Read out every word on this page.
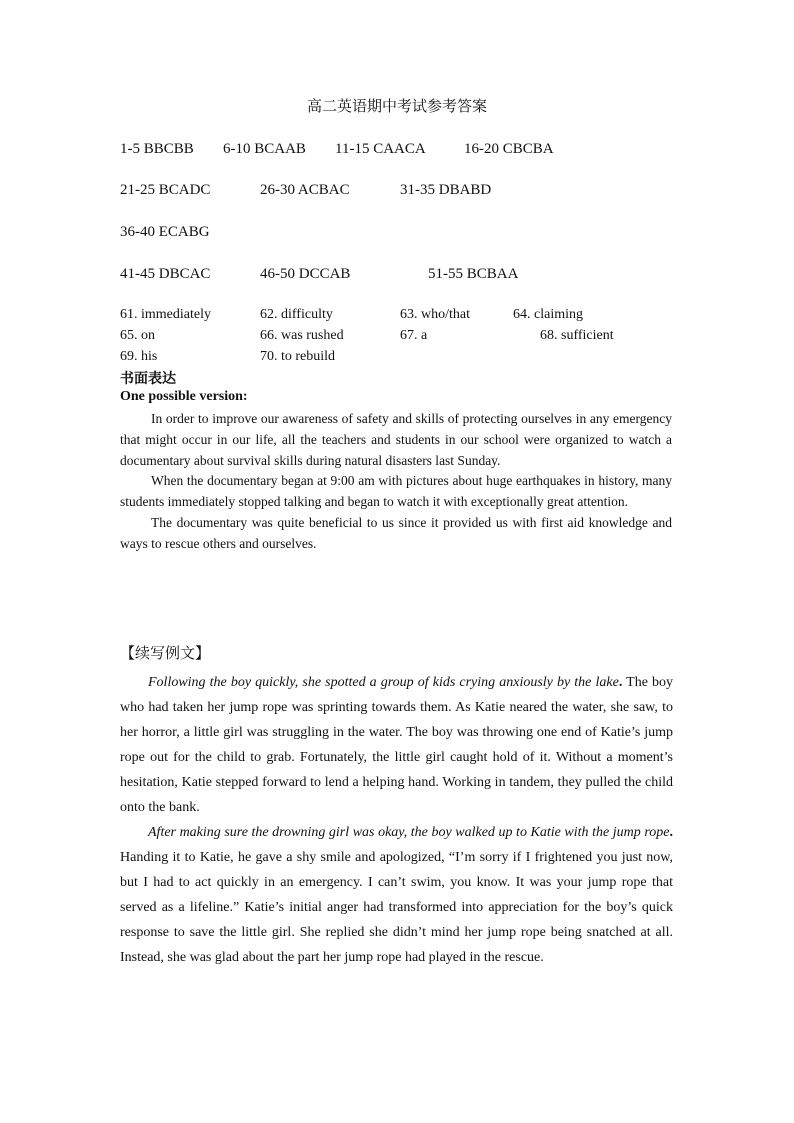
高二英语期中考试参考答案
1-5 BBCBB 6-10 BCAAB 11-15 CAACA	16-20 CBCBA
21-25 BCADC	26-30 ACBAC	31-35 DBABD
36-40 ECABG
41-45 DBCAC	46-50 DCCAB	51-55 BCBAA
61. immediately	62. difficulty	63. who/that	64. claiming
65. on	66. was rushed	67. a	68. sufficient
69. his	70. to rebuild
书面表达
One possible version:

In order to improve our awareness of safety and skills of protecting ourselves in any emergency that might occur in our life, all the teachers and students in our school were organized to watch a documentary about survival skills during natural disasters last Sunday.

When the documentary began at 9:00 am with pictures about huge earthquakes in history, many students immediately stopped talking and began to watch it with exceptionally great attention.

The documentary was quite beneficial to us since it provided us with first aid knowledge and ways to rescue others and ourselves.

【续写例文】

Following the boy quickly, she spotted a group of kids crying anxiously by the lake. The boy who had taken her jump rope was sprinting towards them. As Katie neared the water, she saw, to her horror, a little girl was struggling in the water. The boy was throwing one end of Katie’s jump rope out for the child to grab. Fortunately, the little girl caught hold of it. Without a moment’s hesitation, Katie stepped forward to lend a helping hand. Working in tandem, they pulled the child onto the bank.

After making sure the drowning girl was okay, the boy walked up to Katie with the jump rope. Handing it to Katie, he gave a shy smile and apologized, “I’m sorry if I frightened you just now, but I had to act quickly in an emergency. I can’t swim, you know. It was your jump rope that served as a lifeline.” Katie’s initial anger had transformed into appreciation for the boy’s quick response to save the little girl. She replied she didn’t mind her jump rope being snatched at all. Instead, she was glad about the part her jump rope had played in the rescue.
